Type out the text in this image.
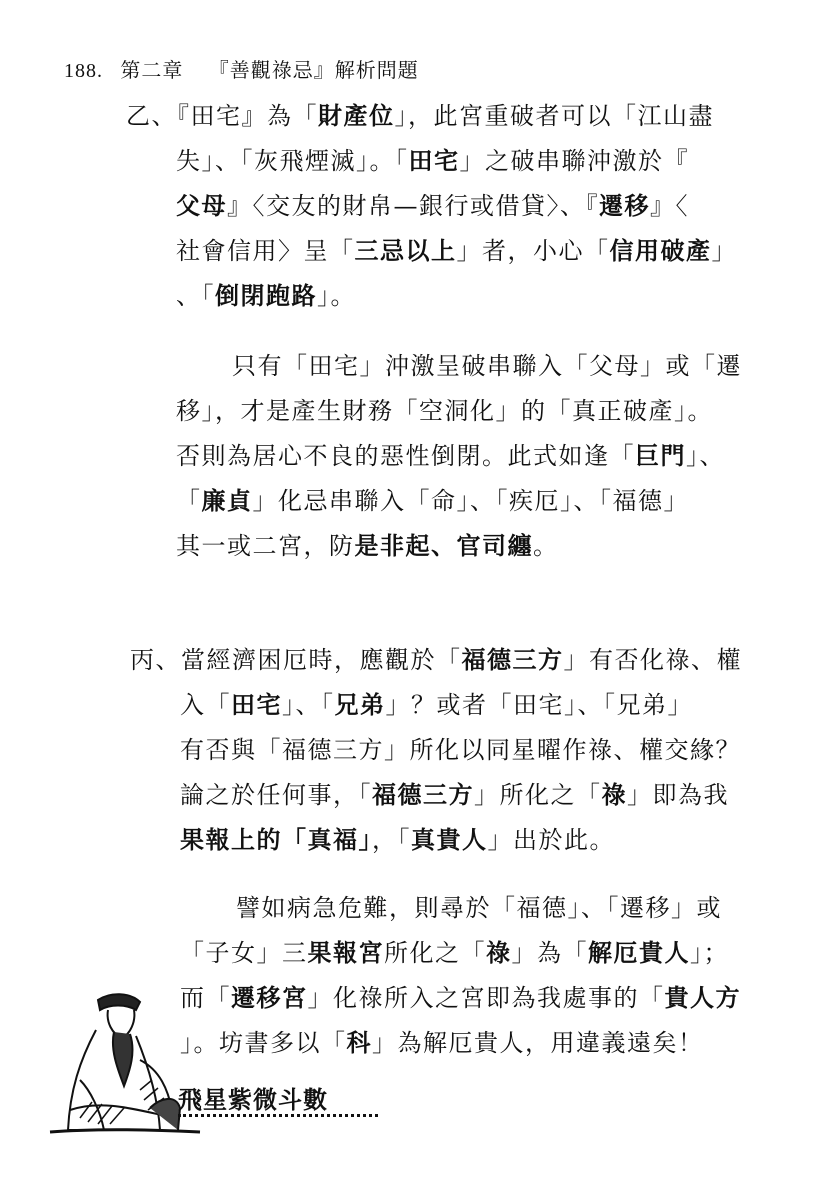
188. 第二章 『善觀祿忌』解析問題
乙、『田宅』為「財產位」，此宮重破者可以「江山盡
失」、「灰飛煙滅」。「田宅」之破串聯沖激於『
父母』〈交友的財帛—銀行或借貸〉、『遷移』〈
社會信用〉呈「三忌以上」者，小心「信用破產」
、「倒閉跑路」。
只有「田宅」沖激呈破串聯入「父母」或「遷
移」，才是產生財務「空洞化」的「真正破產」。
否則為居心不良的惡性倒閉。此式如逢「巨門」、
「廉貞」化忌串聯入「命」、「疾厄」、「福德」
其一或二宮，防是非起、官司纏。
丙、當經濟困厄時，應觀於「福德三方」有否化祿、權
入「田宅」、「兄弟」？或者「田宅」、「兄弟」
有否與「福德三方」所化以同星曜作祿、權交緣？
論之於任何事，「福德三方」所化之「祿」即為我
果報上的「真福」，「真貴人」出於此。
譬如病急危難，則尋於「福德」、「遷移」或
「子女」三果報宮所化之「祿」為「解厄貴人」；
而「遷移宮」化祿所入之宮即為我處事的「貴人方
」。坊書多以「科」為解厄貴人，用違義遠矣！
飛星紫微斗數
